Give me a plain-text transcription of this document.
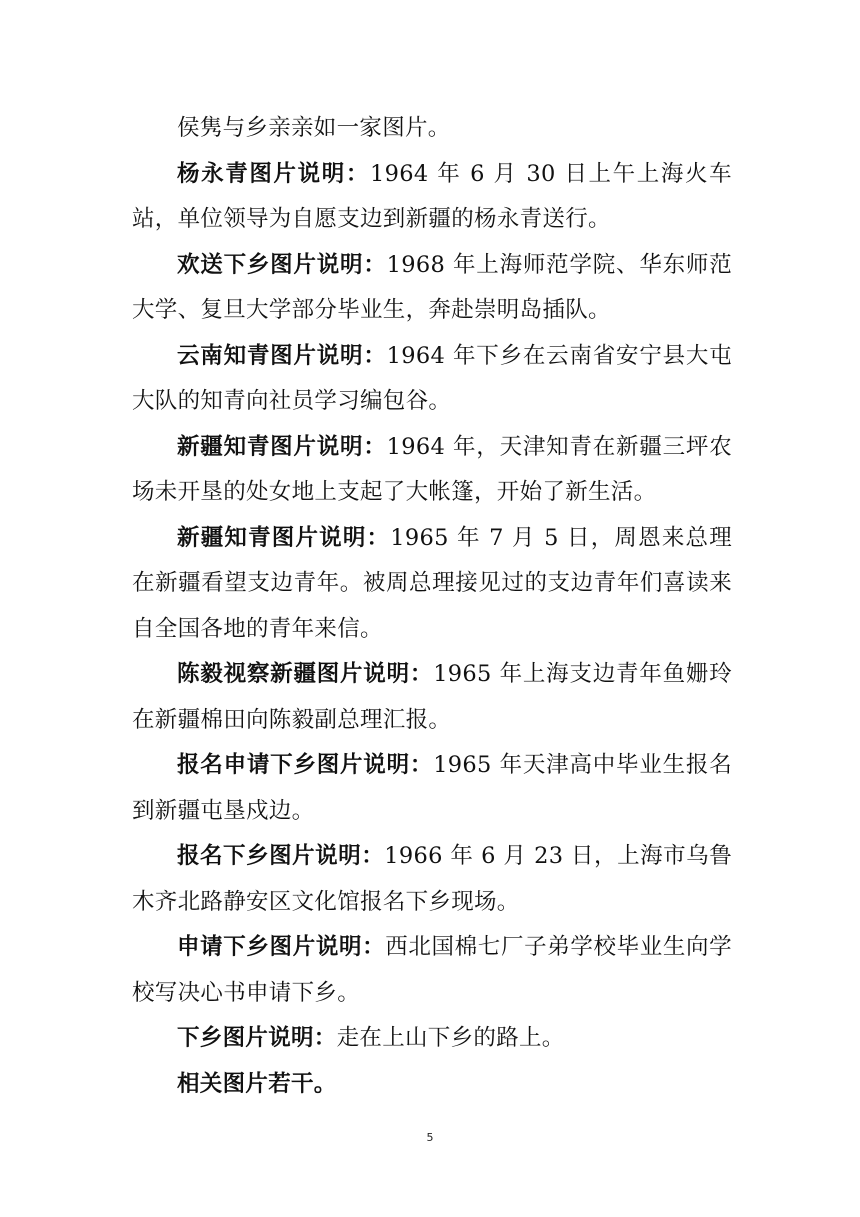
侯隽与乡亲亲如一家图片。

杨永青图片说明：1964 年 6 月 30 日上午上海火车站，单位领导为自愿支边到新疆的杨永青送行。

欢送下乡图片说明：1968 年上海师范学院、华东师范大学、复旦大学部分毕业生，奔赴崇明岛插队。

云南知青图片说明：1964 年下乡在云南省安宁县大屯大队的知青向社员学习编包谷。

新疆知青图片说明：1964 年，天津知青在新疆三坪农场未开垦的处女地上支起了大帐篷，开始了新生活。

新疆知青图片说明：1965 年 7 月 5 日，周恩来总理在新疆看望支边青年。被周总理接见过的支边青年们喜读来自全国各地的青年来信。

陈毅视察新疆图片说明：1965 年上海支边青年鱼姗玲在新疆棉田向陈毅副总理汇报。

报名申请下乡图片说明：1965 年天津高中毕业生报名到新疆屯垦戍边。

报名下乡图片说明：1966 年 6 月 23 日，上海市乌鲁木齐北路静安区文化馆报名下乡现场。

申请下乡图片说明：西北国棉七厂子弟学校毕业生向学校写决心书申请下乡。

下乡图片说明：走在上山下乡的路上。

相关图片若干。

5
